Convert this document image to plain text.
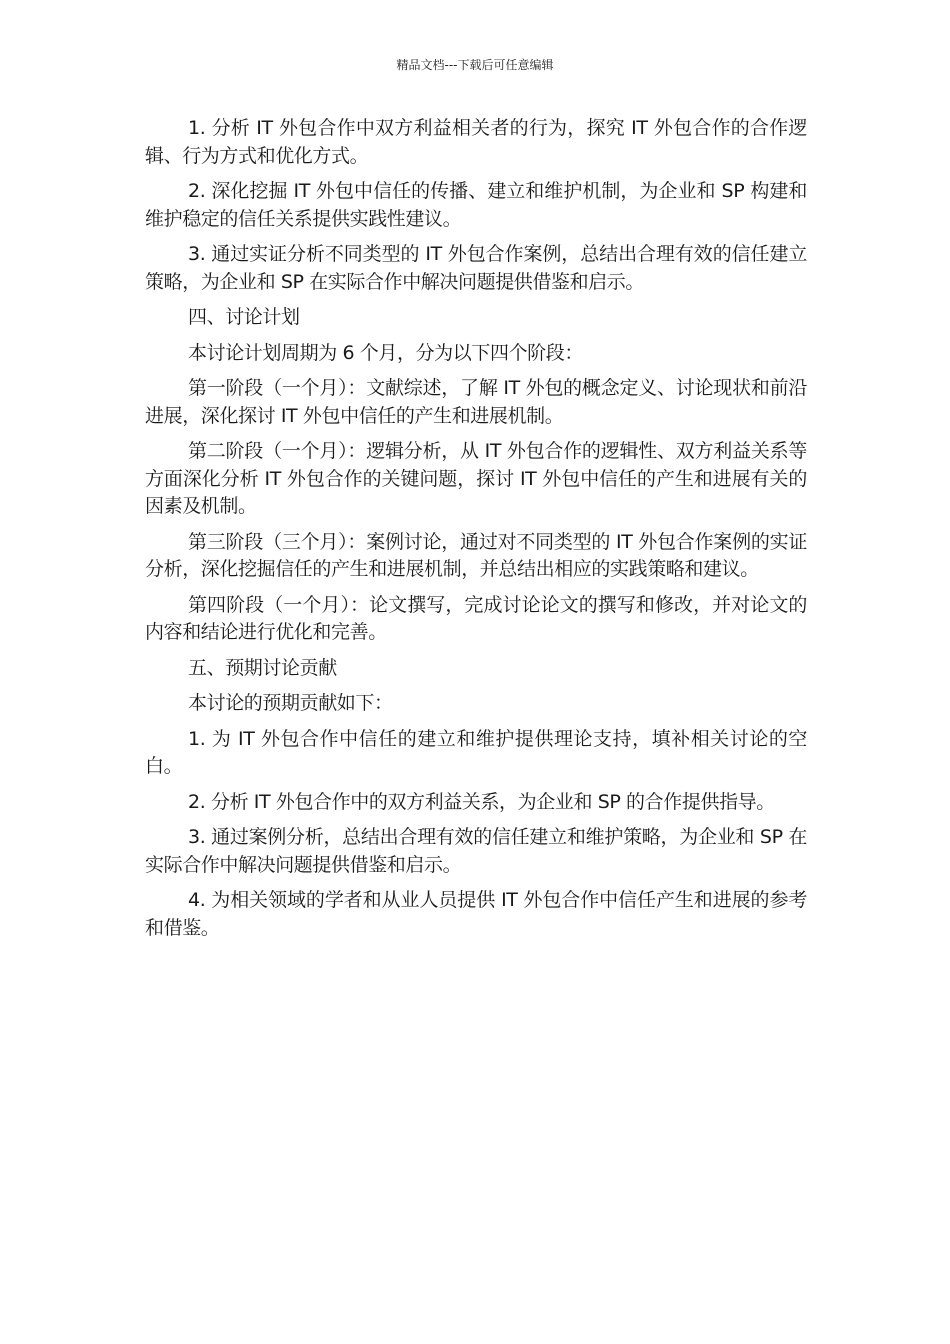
精品文档---下载后可任意编辑

1. 分析 IT 外包合作中双方利益相关者的行为，探究 IT 外包合作的合作逻辑、行为方式和优化方式。

2. 深化挖掘 IT 外包中信任的传播、建立和维护机制，为企业和 SP 构建和维护稳定的信任关系提供实践性建议。

3. 通过实证分析不同类型的 IT 外包合作案例，总结出合理有效的信任建立策略，为企业和 SP 在实际合作中解决问题提供借鉴和启示。

四、讨论计划

本讨论计划周期为 6 个月，分为以下四个阶段：

第一阶段（一个月）：文献综述，了解 IT 外包的概念定义、讨论现状和前沿进展，深化探讨 IT 外包中信任的产生和进展机制。

第二阶段（一个月）：逻辑分析，从 IT 外包合作的逻辑性、双方利益关系等方面深化分析 IT 外包合作的关键问题，探讨 IT 外包中信任的产生和进展有关的因素及机制。

第三阶段（三个月）：案例讨论，通过对不同类型的 IT 外包合作案例的实证分析，深化挖掘信任的产生和进展机制，并总结出相应的实践策略和建议。

第四阶段（一个月）：论文撰写，完成讨论论文的撰写和修改，并对论文的内容和结论进行优化和完善。

五、预期讨论贡献

本讨论的预期贡献如下：

1. 为 IT 外包合作中信任的建立和维护提供理论支持，填补相关讨论的空白。

2. 分析 IT 外包合作中的双方利益关系，为企业和 SP 的合作提供指导。

3. 通过案例分析，总结出合理有效的信任建立和维护策略，为企业和 SP 在实际合作中解决问题提供借鉴和启示。

4. 为相关领域的学者和从业人员提供 IT 外包合作中信任产生和进展的参考和借鉴。
